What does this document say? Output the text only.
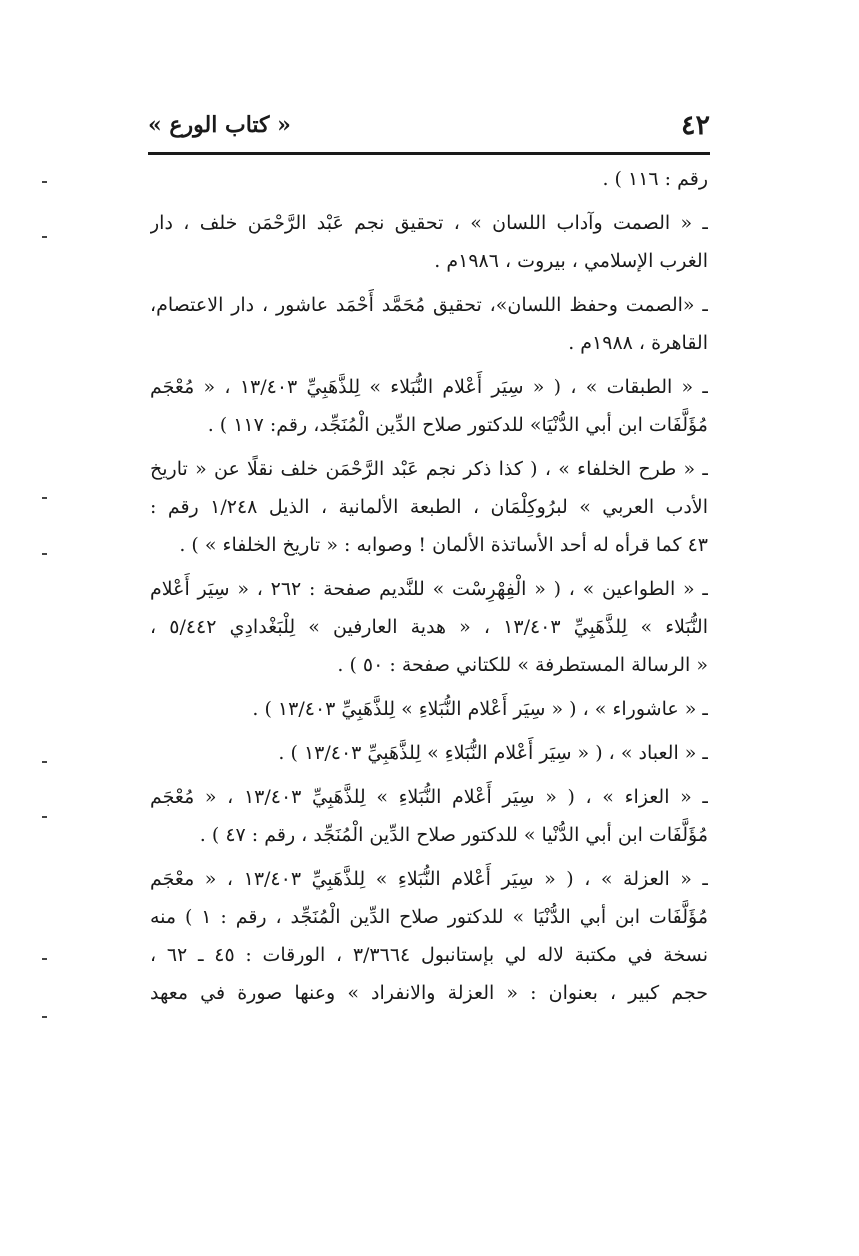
٤٢
« كتاب الورع »
رقم : ١١٦ ) .
ـ « الصمت وآداب اللسان » ، تحقيق نجم عَبْد الرَّحْمَن خلف ، دار
الغرب الإسلامي ، بيروت ، ١٩٨٦م .
ـ «الصمت وحفظ اللسان»، تحقيق مُحَمَّد أَحْمَد عاشور ، دار الاعتصام،
القاهرة ، ١٩٨٨م .
ـ « الطبقات » ، ( « سِيَر أَعْلام النُّبَلاء » لِلذَّهَبِيِّ ١٣/٤٠٣ ، « مُعْجَم
مُؤَلَّفَات ابن أبي الدُّنْيَا» للدكتور صلاح الدِّين الْمُنَجِّد، رقم: ١١٧ ) .
ـ « طرح الخلفاء » ، ( كذا ذكر نجم عَبْد الرَّحْمَن خلف نقلًا عن « تاريخ
الأدب العربي » لبرُوكِلْمَان ، الطبعة الألمانية ، الذيل ١/٢٤٨ رقم :
٤٣ كما قرأه له أحد الأساتذة الألمان ! وصوابه : « تاريخ الخلفاء » ) .
ـ « الطواعين » ، ( « الْفِهْرِسْت » للنَّديم صفحة : ٢٦٢ ، « سِيَر أَعْلام
النُّبَلاء » لِلذَّهَبِيِّ ١٣/٤٠٣ ، « هدية العارفين » لِلْبَغْدادِي ٥/٤٤٢ ،
« الرسالة المستطرفة » للكتاني صفحة : ٥٠ ) .
ـ « عاشوراء » ، ( « سِيَر أَعْلام النُّبَلاءِ » لِلذَّهَبِيِّ ١٣/٤٠٣ ) .
ـ « العباد » ، ( « سِيَر أَعْلام النُّبَلاءِ » لِلذَّهَبِيِّ ١٣/٤٠٣ ) .
ـ « العزاء » ، ( « سِيَر أَعْلام النُّبَلاءِ » لِلذَّهَبِيِّ ١٣/٤٠٣ ، « مُعْجَم
مُؤَلَّفَات ابن أبي الدُّنْيا » للدكتور صلاح الدِّين الْمُنَجِّد ، رقم : ٤٧ ) .
ـ « العزلة » ، ( « سِيَر أَعْلام النُّبَلاءِ » لِلذَّهَبِيِّ ١٣/٤٠٣ ، « معْجَم
مُؤَلَّفَات ابن أبي الدُّنْيَا » للدكتور صلاح الدِّين الْمُنَجِّد ، رقم : ١ ) منه
نسخة في مكتبة لاله لي بإستانبول ٣/٣٦٦٤ ، الورقات : ٤٥ ـ ٦٢ ،
حجم كبير ، بعنوان : « العزلة والانفراد » وعنها صورة في معهد
